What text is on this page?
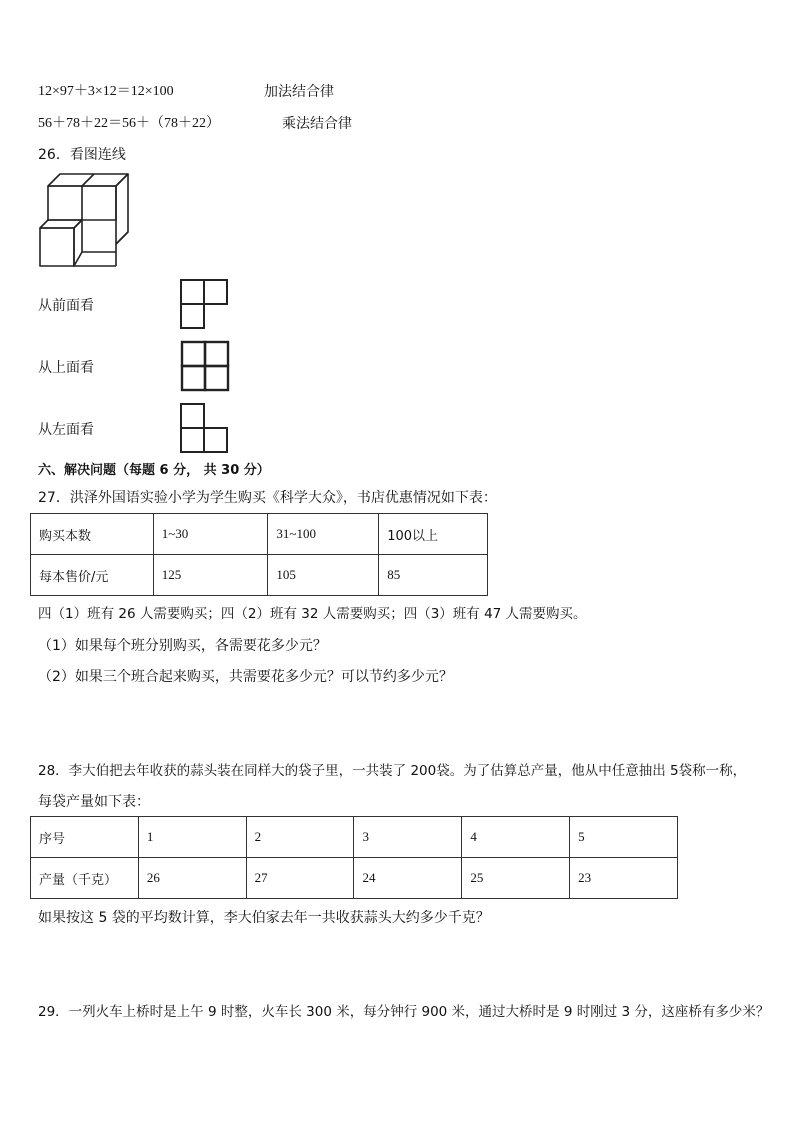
12×97＋3×12＝12×100	加法结合律
56＋78＋22＝56＋（78＋22）	乘法结合律
26．看图连线
从前面看
从上面看
从左面看
六、解决问题（每题 6 分， 共 30 分）
27．洪泽外国语实验小学为学生购买《科学大众》，书店优惠情况如下表：
购买本数	1~30	31~100	100以上
每本售价/元	125	105	85
四（1）班有 26 人需要购买；四（2）班有 32 人需要购买；四（3）班有 47 人需要购买。
（1）如果每个班分别购买，各需要花多少元？
（2）如果三个班合起来购买，共需要花多少元？可以节约多少元？
28．李大伯把去年收获的蒜头装在同样大的袋子里，一共装了 200袋。为了估算总产量，他从中任意抽出 5袋称一称，
每袋产量如下表：
序号	1	2	3	4	5
产量（千克）	26	27	24	25	23
如果按这 5 袋的平均数计算，李大伯家去年一共收获蒜头大约多少千克？
29．一列火车上桥时是上午 9 时整，火车长 300 米，每分钟行 900 米，通过大桥时是 9 时刚过 3 分，这座桥有多少米？
